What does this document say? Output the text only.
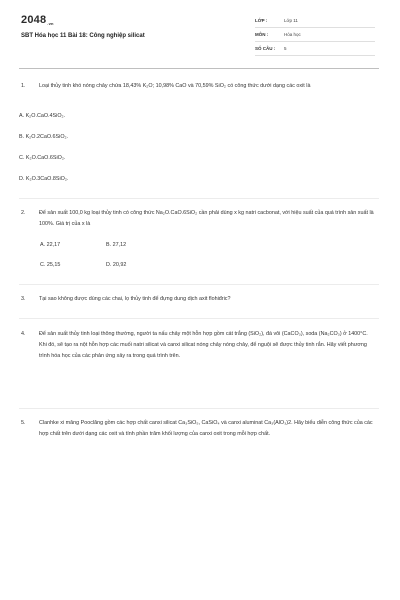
2048.vn
SBT Hóa học 11 Bài 18: Công nghiệp silicat
LỚP :	Lớp 11
MÔN :	Hóa học
SỐ CÂU : 5
1.	Loại thủy tinh khó nóng chảy chứa 18,43% K₂O; 10,98% CaO và 70,59% SiO₂ có công thức dưới dạng các oxit là
A. K₂O.CaO.4SiO₂.
B. K₂O.2CaO.6SiO₂.
C. K₂O.CaO.6SiO₂.
D. K₂O.3CaO.8SiO₂.
2.	Để sản xuất 100,0 kg loại thủy tinh có công thức Na₂O.CaO.6SiO₂ cần phải dùng x kg natri cacbonat, với hiệu suất của quá trình sản xuất là 100%. Giá trị của x là
A. 22,17	B. 27,12
C. 25,15	D. 20,92
3.	Tại sao không được dùng các chai, lọ thủy tinh để đựng dung dịch axit flohiđric?
4.	Để sản xuất thủy tinh loại thông thường, người ta nấu chảy một hỗn hợp gồm cát trắng (SiO₂), đá vôi (CaCO₃), soda (Na₂CO₃) ở 1400°C. Khi đó, sẽ tạo ra nột hỗn hợp các muối natri silicat và canxi silicat nóng chảy nóng chảy, để nguội sẽ được thủy tinh rắn. Hãy viết phương trình hóa học của các phản ứng xảy ra trong quá trình trên.
5.	Clanhke xi măng Pooclăng gồm các hợp chất canxi silicat Ca₃SiO₅, CaSiO₄ và canxi aluminat Ca₃(AlO₃)2. Hãy biểu diễn công thức của các hợp chất trên dưới dạng các oxit và tính phần trăm khối lượng của canxi oxit trong mỗi hợp chất.
